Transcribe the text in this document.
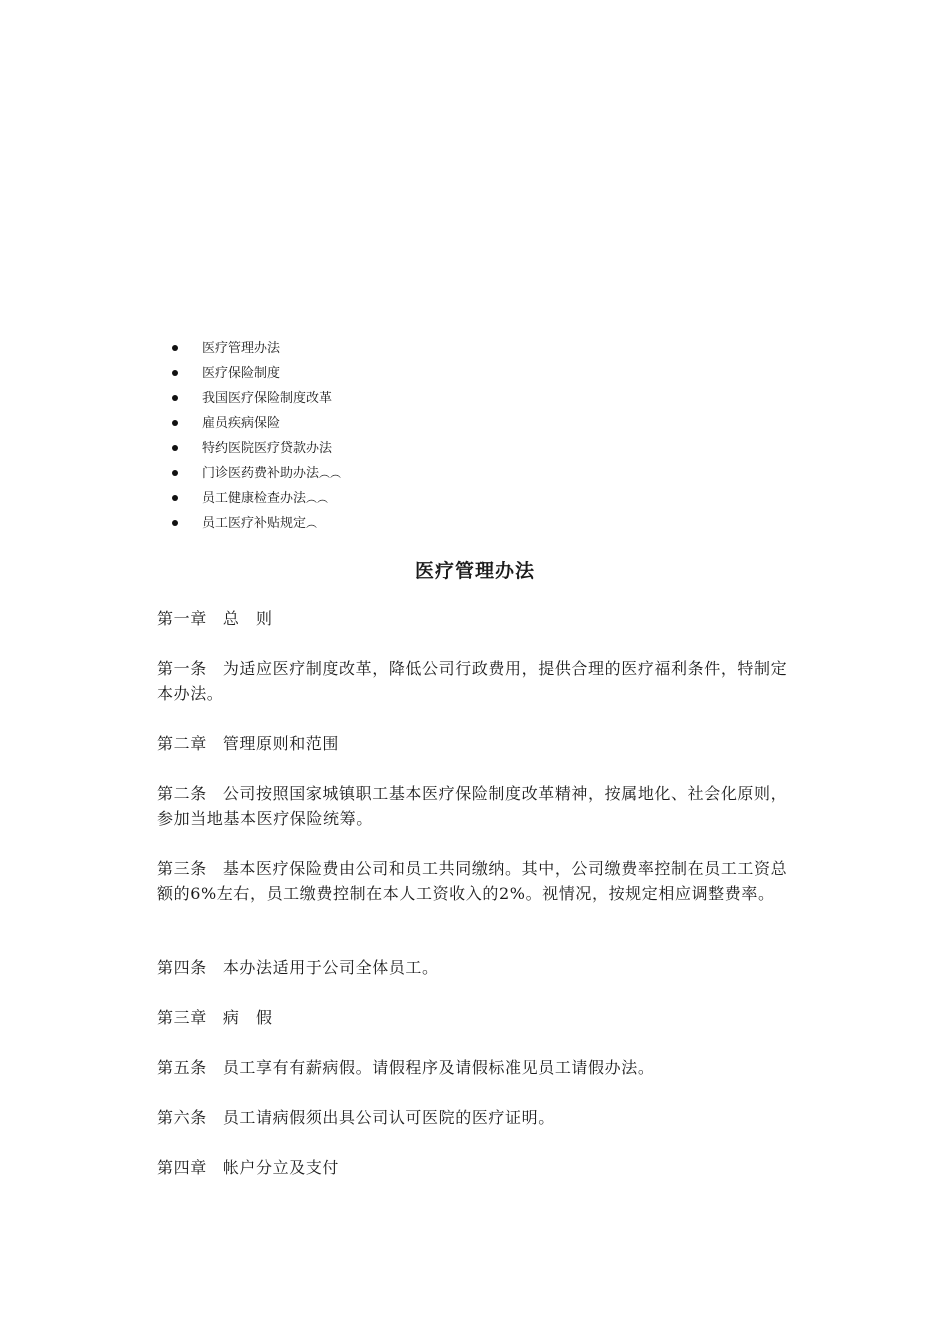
医疗管理办法
医疗保险制度
我国医疗保险制度改革
雇员疾病保险
特约医院医疗贷款办法
门诊医药费补助办法︵︵
员工健康检查办法︵︵
员工医疗补贴规定︵
医疗管理办法

第一章 总　则

第一条 为适应医疗制度改革，降低公司行政费用，提供合理的医疗福利条件，特制定本办法。

第二章 管理原则和范围

第二条 公司按照国家城镇职工基本医疗保险制度改革精神，按属地化、社会化原则，参加当地基本医疗保险统筹。

第三条 基本医疗保险费由公司和员工共同缴纳。其中，公司缴费率控制在员工工资总额的6%左右，员工缴费控制在本人工资收入的2%。视情况，按规定相应调整费率。

第四条 本办法适用于公司全体员工。

第三章 病　假

第五条 员工享有有薪病假。请假程序及请假标准见员工请假办法。

第六条 员工请病假须出具公司认可医院的医疗证明。

第四章 帐户分立及支付
